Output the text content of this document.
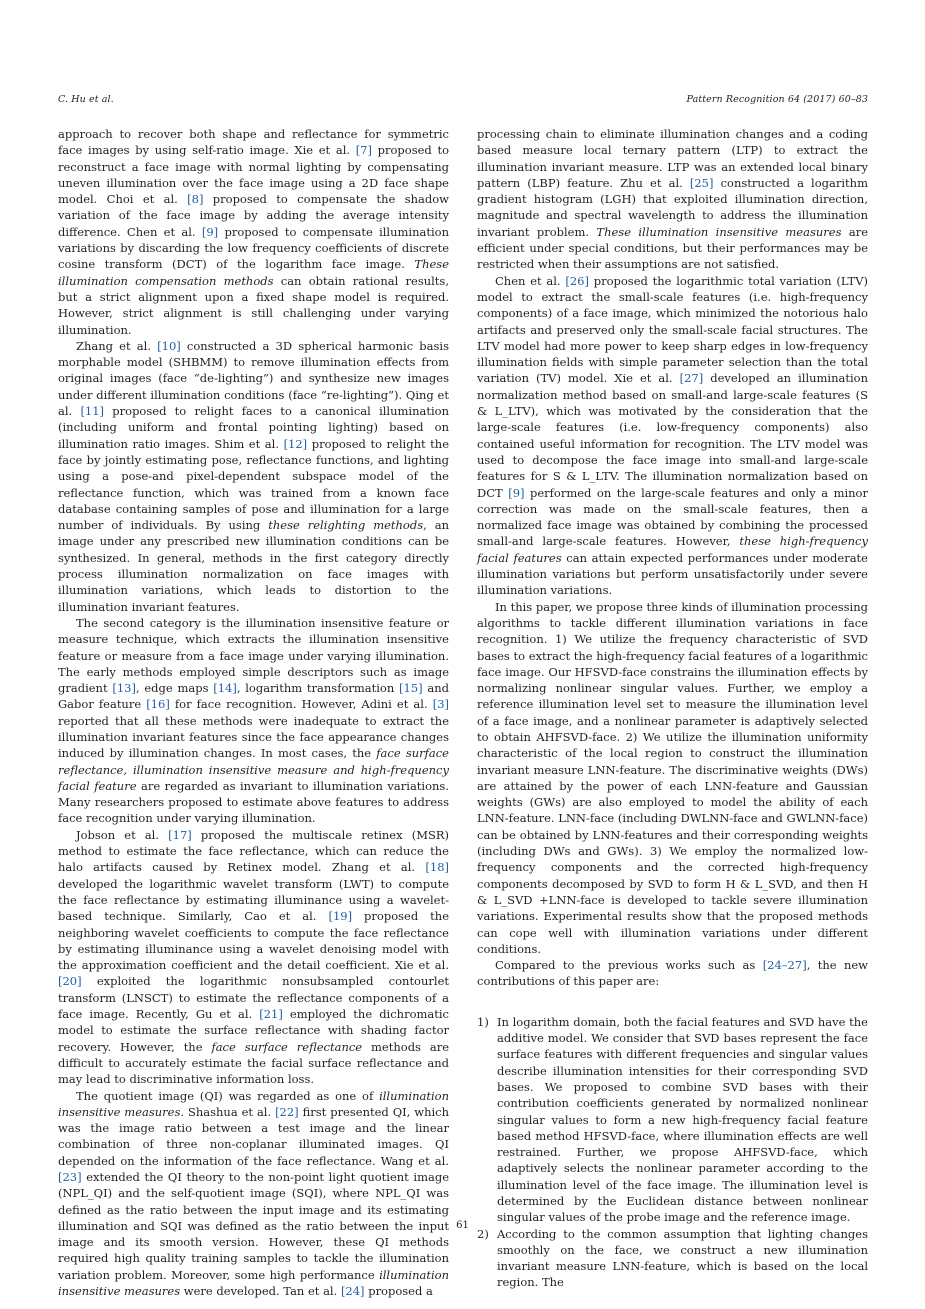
C. Hu et al.	Pattern Recognition 64 (2017) 60–83

approach to recover both shape and reflectance for symmetric face images by using self-ratio image. Xie et al. [7] proposed to reconstruct a face image with normal lighting by compensating uneven illumination over the face image using a 2D face shape model. Choi et al. [8] proposed to compensate the shadow variation of the face image by adding the average intensity difference. Chen et al. [9] proposed to compensate illumination variations by discarding the low frequency coefficients of discrete cosine transform (DCT) of the logarithm face image. These illumination compensation methods can obtain rational results, but a strict alignment upon a fixed shape model is required. However, strict alignment is still challenging under varying illumination.

Zhang et al. [10] constructed a 3D spherical harmonic basis morphable model (SHBMM) to remove illumination effects from original images (face “de-lighting”) and synthesize new images under different illumination conditions (face “re-lighting”). Qing et al. [11] proposed to relight faces to a canonical illumination (including uniform and frontal pointing lighting) based on illumination ratio images. Shim et al. [12] proposed to relight the face by jointly estimating pose, reflectance functions, and lighting using a pose-and pixel-dependent subspace model of the reflectance function, which was trained from a known face database containing samples of pose and illumination for a large number of individuals. By using these relighting methods, an image under any prescribed new illumination conditions can be synthesized. In general, methods in the first category directly process illumination normalization on face images with illumination variations, which leads to distortion to the illumination invariant features.

The second category is the illumination insensitive feature or measure technique, which extracts the illumination insensitive feature or measure from a face image under varying illumination. The early methods employed simple descriptors such as image gradient [13], edge maps [14], logarithm transformation [15] and Gabor feature [16] for face recognition. However, Adini et al. [3] reported that all these methods were inadequate to extract the illumination invariant features since the face appearance changes induced by illumination changes. In most cases, the face surface reflectance, illumination insensitive measure and high-frequency facial feature are regarded as invariant to illumination variations. Many researchers proposed to estimate above features to address face recognition under varying illumination.

Jobson et al. [17] proposed the multiscale retinex (MSR) method to estimate the face reflectance, which can reduce the halo artifacts caused by Retinex model. Zhang et al. [18] developed the logarithmic wavelet transform (LWT) to compute the face reflectance by estimating illuminance using a wavelet-based technique. Similarly, Cao et al. [19] proposed the neighboring wavelet coefficients to compute the face reflectance by estimating illuminance using a wavelet denoising model with the approximation coefficient and the detail coefficient. Xie et al. [20] exploited the logarithmic nonsubsampled contourlet transform (LNSCT) to estimate the reflectance components of a face image. Recently, Gu et al. [21] employed the dichromatic model to estimate the surface reflectance with shading factor recovery. However, the face surface reflectance methods are difficult to accurately estimate the facial surface reflectance and may lead to discriminative information loss.

The quotient image (QI) was regarded as one of illumination insensitive measures. Shashua et al. [22] first presented QI, which was the image ratio between a test image and the linear combination of three non-coplanar illuminated images. QI depended on the information of the face reflectance. Wang et al. [23] extended the QI theory to the non-point light quotient image (NPL_QI) and the self-quotient image (SQI), where NPL_QI was defined as the ratio between the input image and its estimating illumination and SQI was defined as the ratio between the input image and its smooth version. However, these QI methods required high quality training samples to tackle the illumination variation problem. Moreover, some high performance illumination insensitive measures were developed. Tan et al. [24] proposed a

processing chain to eliminate illumination changes and a coding based measure local ternary pattern (LTP) to extract the illumination invariant measure. LTP was an extended local binary pattern (LBP) feature. Zhu et al. [25] constructed a logarithm gradient histogram (LGH) that exploited illumination direction, magnitude and spectral wavelength to address the illumination invariant problem. These illumination insensitive measures are efficient under special conditions, but their performances may be restricted when their assumptions are not satisfied.

Chen et al. [26] proposed the logarithmic total variation (LTV) model to extract the small-scale features (i.e. high-frequency components) of a face image, which minimized the notorious halo artifacts and preserved only the small-scale facial structures. The LTV model had more power to keep sharp edges in low-frequency illumination fields with simple parameter selection than the total variation (TV) model. Xie et al. [27] developed an illumination normalization method based on small-and large-scale features (S & L_LTV), which was motivated by the consideration that the large-scale features (i.e. low-frequency components) also contained useful information for recognition. The LTV model was used to decompose the face image into small-and large-scale features for S & L_LTV. The illumination normalization based on DCT [9] performed on the large-scale features and only a minor correction was made on the small-scale features, then a normalized face image was obtained by combining the processed small-and large-scale features. However, these high-frequency facial features can attain expected performances under moderate illumination variations but perform unsatisfactorily under severe illumination variations.

In this paper, we propose three kinds of illumination processing algorithms to tackle different illumination variations in face recognition. 1) We utilize the frequency characteristic of SVD bases to extract the high-frequency facial features of a logarithmic face image. Our HFSVD-face constrains the illumination effects by normalizing nonlinear singular values. Further, we employ a reference illumination level set to measure the illumination level of a face image, and a nonlinear parameter is adaptively selected to obtain AHFSVD-face. 2) We utilize the illumination uniformity characteristic of the local region to construct the illumination invariant measure LNN-feature. The discriminative weights (DWs) are attained by the power of each LNN-feature and Gaussian weights (GWs) are also employed to model the ability of each LNN-feature. LNN-face (including DWLNN-face and GWLNN-face) can be obtained by LNN-features and their corresponding weights (including DWs and GWs). 3) We employ the normalized low-frequency components and the corrected high-frequency components decomposed by SVD to form H & L_SVD, and then H & L_SVD +LNN-face is developed to tackle severe illumination variations. Experimental results show that the proposed methods can cope well with illumination variations under different conditions.

Compared to the previous works such as [24–27], the new contributions of this paper are:

1) In logarithm domain, both the facial features and SVD have the additive model. We consider that SVD bases represent the face surface features with different frequencies and singular values describe illumination intensities for their corresponding SVD bases. We proposed to combine SVD bases with their contribution coefficients generated by normalized nonlinear singular values to form a new high-frequency facial feature based method HFSVD-face, where illumination effects are well restrained. Further, we propose AHFSVD-face, which adaptively selects the nonlinear parameter according to the illumination level of the face image. The illumination level is determined by the Euclidean distance between nonlinear singular values of the probe image and the reference image.
2) According to the common assumption that lighting changes smoothly on the face, we construct a new illumination invariant measure LNN-feature, which is based on the local region. The
61
